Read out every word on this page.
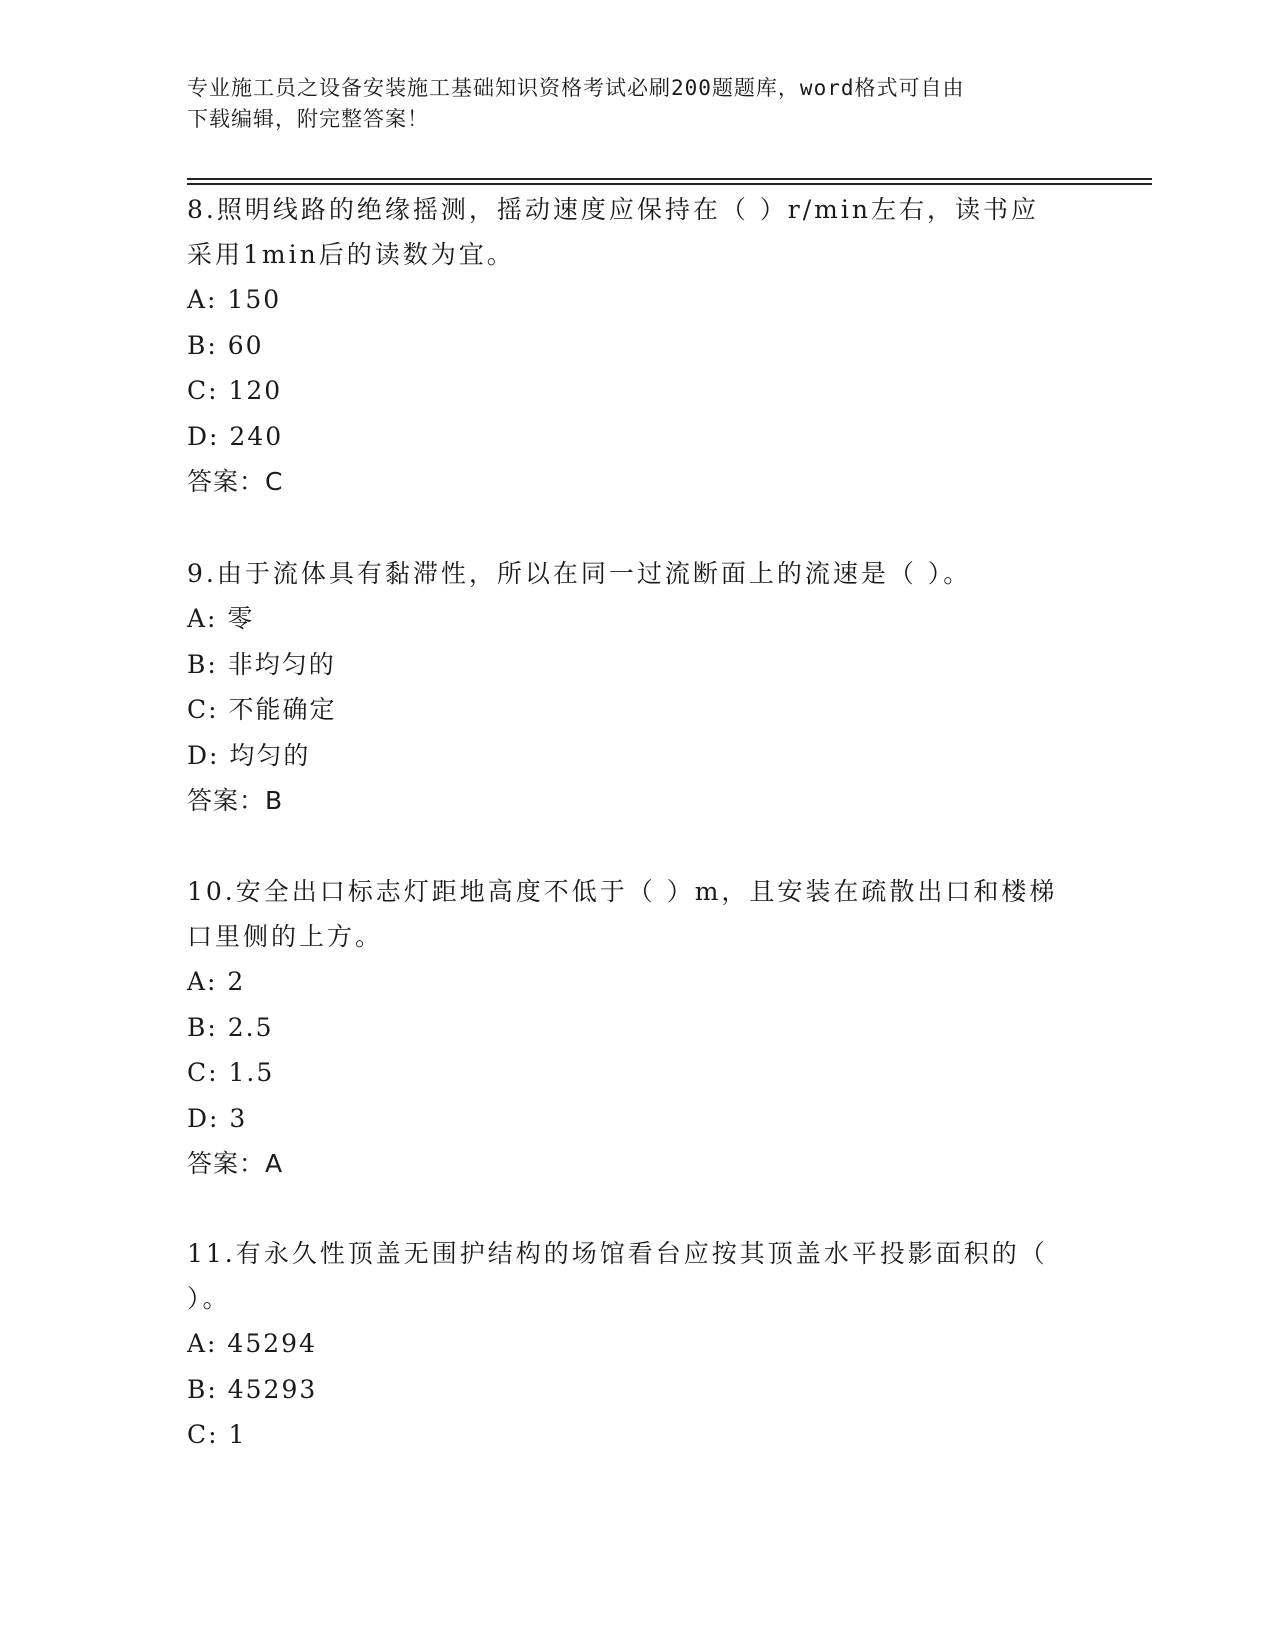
专业施工员之设备安装施工基础知识资格考试必刷200题题库，word格式可自由
下载编辑，附完整答案！
8.照明线路的绝缘摇测，摇动速度应保持在（ ）r/min左右，读书应
采用1min后的读数为宜。
A: 150
B: 60
C: 120
D: 240
答案：C
9.由于流体具有黏滞性，所以在同一过流断面上的流速是（ ）。
A: 零
B: 非均匀的
C: 不能确定
D: 均匀的
答案：B
10.安全出口标志灯距地高度不低于（ ）m，且安装在疏散出口和楼梯
口里侧的上方。
A: 2
B: 2.5
C: 1.5
D: 3
答案：A
11.有永久性顶盖无围护结构的场馆看台应按其顶盖水平投影面积的（
）。
A: 45294
B: 45293
C: 1
